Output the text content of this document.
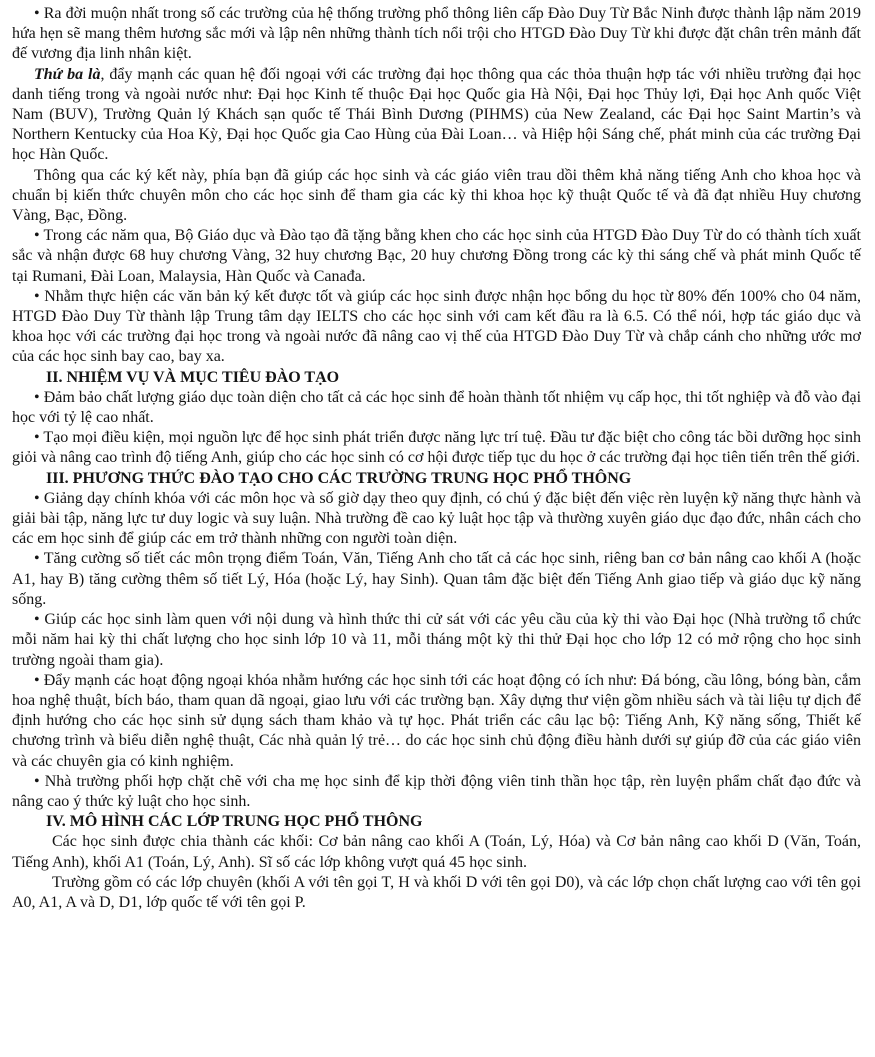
• Ra đời muộn nhất trong số các trường của hệ thống trường phổ thông liên cấp Đào Duy Từ Bắc Ninh được thành lập năm 2019 hứa hẹn sẽ mang thêm hương sắc mới và lập nên những thành tích nổi trội cho HTGD Đào Duy Từ khi được đặt chân trên mảnh đất đế vương địa linh nhân kiệt.

Thứ ba là, đẩy mạnh các quan hệ đối ngoại với các trường đại học thông qua các thỏa thuận hợp tác với nhiều trường đại học danh tiếng trong và ngoài nước như: Đại học Kinh tế thuộc Đại học Quốc gia Hà Nội, Đại học Thủy lợi, Đại học Anh quốc Việt Nam (BUV), Trường Quản lý Khách sạn quốc tế Thái Bình Dương (PIHMS) của New Zealand, các Đại học Saint Martin’s và Northern Kentucky của Hoa Kỳ, Đại học Quốc gia Cao Hùng của Đài Loan… và Hiệp hội Sáng chế, phát minh của các trường Đại học Hàn Quốc.

Thông qua các ký kết này, phía bạn đã giúp các học sinh và các giáo viên trau dồi thêm khả năng tiếng Anh cho khoa học và chuẩn bị kiến thức chuyên môn cho các học sinh để tham gia các kỳ thi khoa học kỹ thuật Quốc tế và đã đạt nhiều Huy chương Vàng, Bạc, Đồng.

• Trong các năm qua, Bộ Giáo dục và Đào tạo đã tặng bằng khen cho các học sinh của HTGD Đào Duy Từ do có thành tích xuất sắc và nhận được 68 huy chương Vàng, 32 huy chương Bạc, 20 huy chương Đồng trong các kỳ thi sáng chế và phát minh Quốc tế tại Rumani, Đài Loan, Malaysia, Hàn Quốc và Canađa.

• Nhằm thực hiện các văn bản ký kết được tốt và giúp các học sinh được nhận học bổng du học từ 80% đến 100% cho 04 năm, HTGD Đào Duy Từ thành lập Trung tâm dạy IELTS cho các học sinh với cam kết đầu ra là 6.5. Có thể nói, hợp tác giáo dục và khoa học với các trường đại học trong và ngoài nước đã nâng cao vị thế của HTGD Đào Duy Từ và chắp cánh cho những ước mơ của các học sinh bay cao, bay xa.

II. NHIỆM VỤ VÀ MỤC TIÊU ĐÀO TẠO

• Đảm bảo chất lượng giáo dục toàn diện cho tất cả các học sinh để hoàn thành tốt nhiệm vụ cấp học, thi tốt nghiệp và đỗ vào đại học với tỷ lệ cao nhất.

• Tạo mọi điều kiện, mọi nguồn lực để học sinh phát triển được năng lực trí tuệ. Đầu tư đặc biệt cho công tác bồi dưỡng học sinh giỏi và nâng cao trình độ tiếng Anh, giúp cho các học sinh có cơ hội được tiếp tục du học ở các trường đại học tiên tiến trên thế giới.

III. PHƯƠNG THỨC ĐÀO TẠO CHO CÁC TRƯỜNG TRUNG HỌC PHỔ THÔNG

• Giảng dạy chính khóa với các môn học và số giờ dạy theo quy định, có chú ý đặc biệt đến việc rèn luyện kỹ năng thực hành và giải bài tập, năng lực tư duy logic và suy luận. Nhà trường đề cao kỷ luật học tập và thường xuyên giáo dục đạo đức, nhân cách cho các em học sinh để giúp các em trở thành những con người toàn diện.

• Tăng cường số tiết các môn trọng điểm Toán, Văn, Tiếng Anh cho tất cả các học sinh, riêng ban cơ bản nâng cao khối A (hoặc A1, hay B) tăng cường thêm số tiết Lý, Hóa (hoặc Lý, hay Sinh). Quan tâm đặc biệt đến Tiếng Anh giao tiếp và giáo dục kỹ năng sống.

• Giúp các học sinh làm quen với nội dung và hình thức thi cử sát với các yêu cầu của kỳ thi vào Đại học (Nhà trường tổ chức mỗi năm hai kỳ thi chất lượng cho học sinh lớp 10 và 11, mỗi tháng một kỳ thi thử Đại học cho lớp 12 có mở rộng cho học sinh trường ngoài tham gia).

• Đẩy mạnh các hoạt động ngoại khóa nhằm hướng các học sinh tới các hoạt động có ích như: Đá bóng, cầu lông, bóng bàn, cắm hoa nghệ thuật, bích báo, tham quan dã ngoại, giao lưu với các trường bạn. Xây dựng thư viện gồm nhiều sách và tài liệu tự dịch để định hướng cho các học sinh sử dụng sách tham khảo và tự học. Phát triển các câu lạc bộ: Tiếng Anh, Kỹ năng sống, Thiết kế chương trình và biểu diễn nghệ thuật, Các nhà quản lý trẻ… do các học sinh chủ động điều hành dưới sự giúp đỡ của các giáo viên và các chuyên gia có kinh nghiệm.

• Nhà trường phối hợp chặt chẽ với cha mẹ học sinh để kịp thời động viên tinh thần học tập, rèn luyện phẩm chất đạo đức và nâng cao ý thức kỷ luật cho học sinh.

IV. MÔ HÌNH CÁC LỚP TRUNG HỌC PHỔ THÔNG

Các học sinh được chia thành các khối: Cơ bản nâng cao khối A (Toán, Lý, Hóa) và Cơ bản nâng cao khối D (Văn, Toán, Tiếng Anh), khối A1 (Toán, Lý, Anh). Sĩ số các lớp không vượt quá 45 học sinh.

Trường gồm có các lớp chuyên (khối A với tên gọi T, H và khối D với tên gọi D0), và các lớp chọn chất lượng cao với tên gọi A0, A1, A và D, D1, lớp quốc tế với tên gọi P.
